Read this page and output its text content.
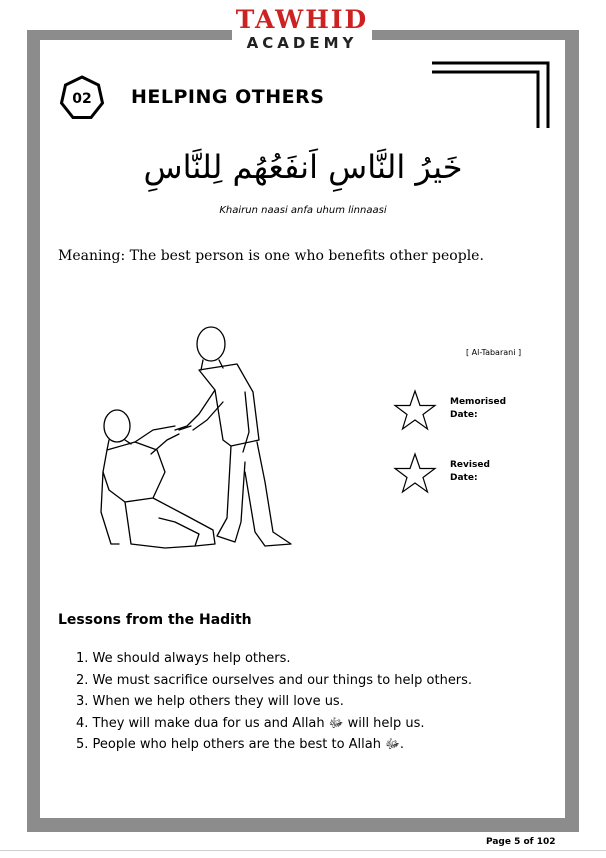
TAWHID
ACADEMY
02	HELPING OTHERS
خَيرُ النَّاسِ اَنفَعُهُم لِلنَّاسِ
Khairun naasi anfa uhum linnaasi
Meaning: The best person is one who benefits other people.
[ Al-Tabarani ]
Memorised
Date:
Revised
Date:
Lessons from the Hadith
1. We should always help others.
2. We must sacrifice ourselves and our things to help others.
3. When we help others they will love us.
4. They will make dua for us and Allah ﷻ will help us.
5. People who help others are the best to Allah ﷻ.
Page 5 of 102
